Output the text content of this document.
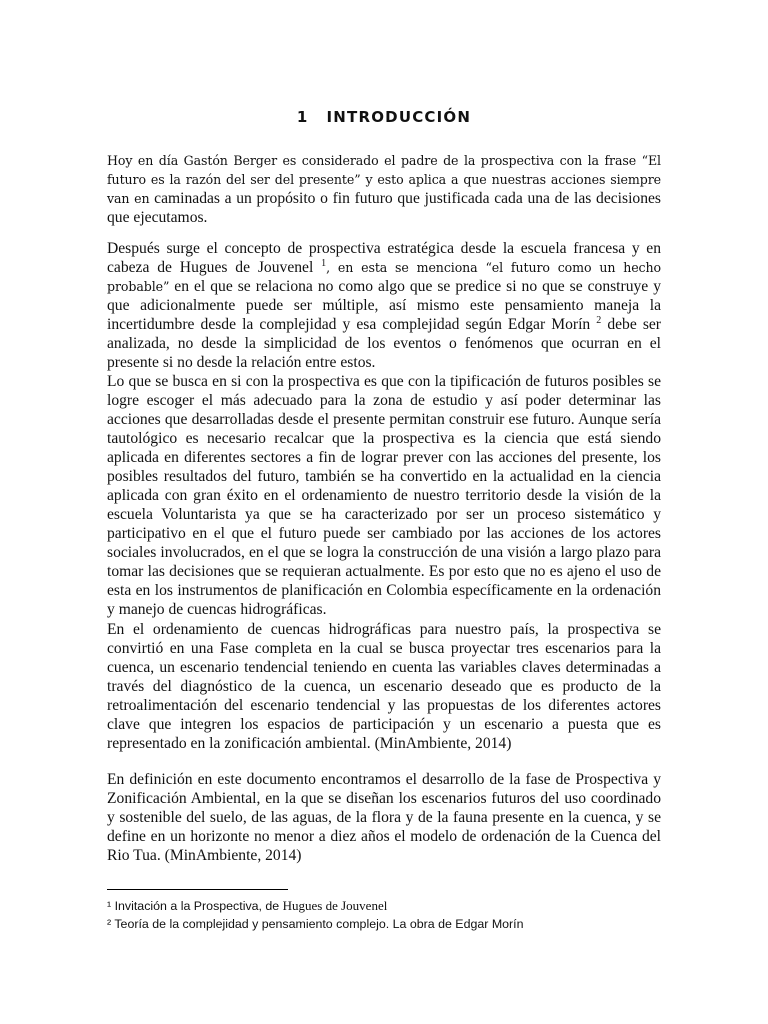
1 INTRODUCCIÓN

Hoy en día Gastón Berger es considerado el padre de la prospectiva con la frase “El futuro es la razón del ser del presente” y esto aplica a que nuestras acciones siempre van en caminadas a un propósito o fin futuro que justificada cada una de las decisiones que ejecutamos.

Después surge el concepto de prospectiva estratégica desde la escuela francesa y en cabeza de Hugues de Jouvenel $^1$, en esta se menciona “el futuro como un hecho probable” en el que se relaciona no como algo que se predice si no que se construye y que adicionalmente puede ser múltiple, así mismo este pensamiento maneja la incertidumbre desde la complejidad y esa complejidad según Edgar Morín $^2$ debe ser analizada, no desde la simplicidad de los eventos o fenómenos que ocurran en el presente si no desde la relación entre estos.

Lo que se busca en si con la prospectiva es que con la tipificación de futuros posibles se logre escoger el más adecuado para la zona de estudio y así poder determinar las acciones que desarrolladas desde el presente permitan construir ese futuro. Aunque sería tautológico es necesario recalcar que la prospectiva es la ciencia que está siendo aplicada en diferentes sectores a fin de lograr prever con las acciones del presente, los posibles resultados del futuro, también se ha convertido en la actualidad en la ciencia aplicada con gran éxito en el ordenamiento de nuestro territorio desde la visión de la escuela Voluntarista ya que se ha caracterizado por ser un proceso sistemático y participativo en el que el futuro puede ser cambiado por las acciones de los actores sociales involucrados, en el que se logra la construcción de una visión a largo plazo para tomar las decisiones que se requieran actualmente. Es por esto que no es ajeno el uso de esta en los instrumentos de planificación en Colombia específicamente en la ordenación y manejo de cuencas hidrográficas.

En el ordenamiento de cuencas hidrográficas para nuestro país, la prospectiva se convirtió en una Fase completa en la cual se busca proyectar tres escenarios para la cuenca, un escenario tendencial teniendo en cuenta las variables claves determinadas a través del diagnóstico de la cuenca, un escenario deseado que es producto de la retroalimentación del escenario tendencial y las propuestas de los diferentes actores clave que integren los espacios de participación y un escenario a puesta que es representado en la zonificación ambiental. (MinAmbiente, 2014)

En definición en este documento encontramos el desarrollo de la fase de Prospectiva y Zonificación Ambiental, en la que se diseñan los escenarios futuros del uso coordinado y sostenible del suelo, de las aguas, de la flora y de la fauna presente en la cuenca, y se define en un horizonte no menor a diez años el modelo de ordenación de la Cuenca del Rio Tua. (MinAmbiente, 2014)

¹ Invitación a la Prospectiva, de Hugues de Jouvenel
² Teoría de la complejidad y pensamiento complejo. La obra de Edgar Morín
